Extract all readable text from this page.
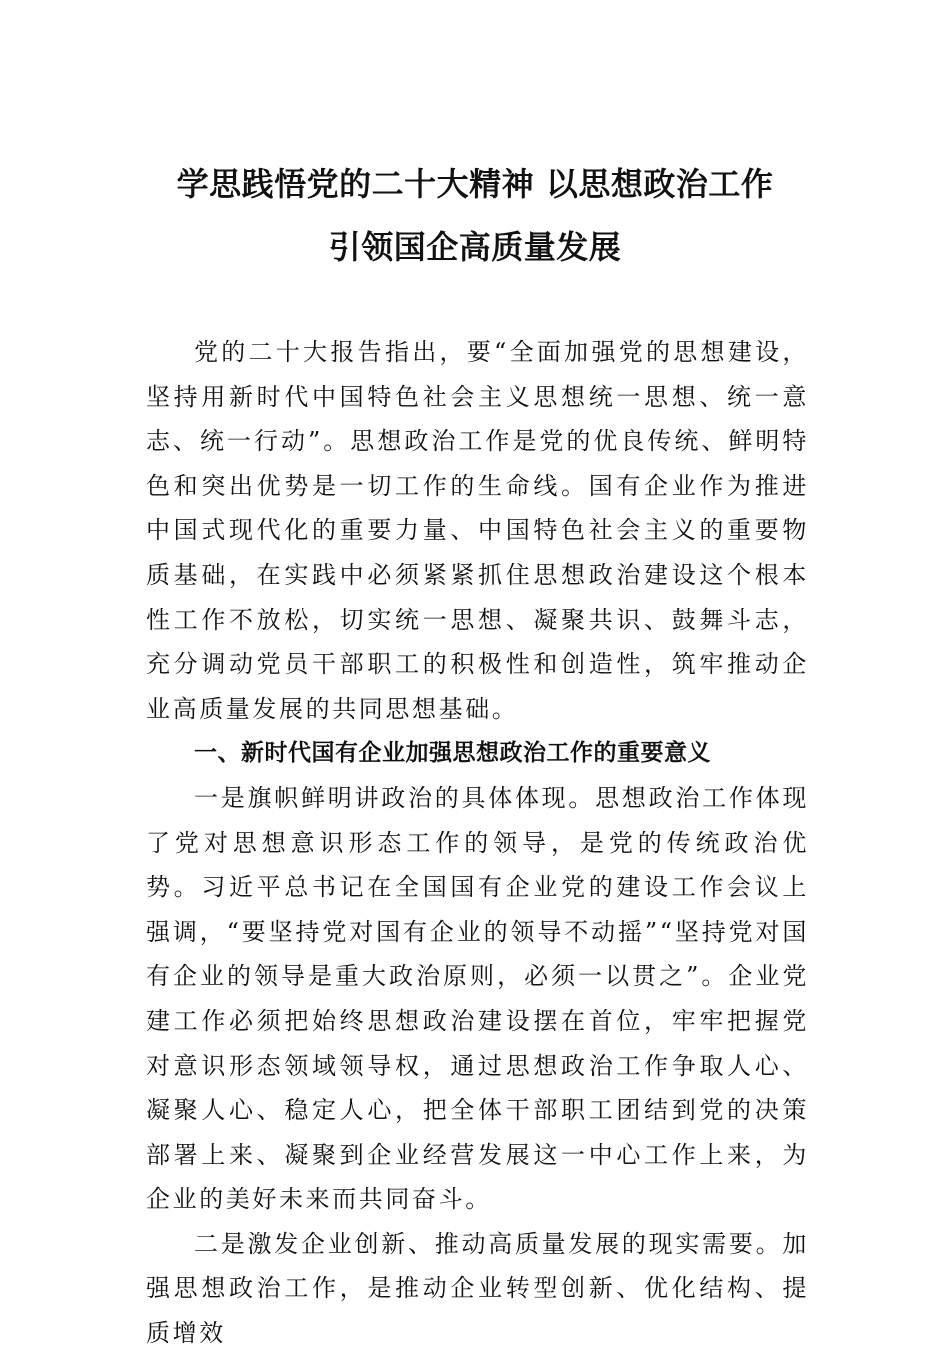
学思践悟党的二十大精神 以思想政治工作
引领国企高质量发展

党的二十大报告指出，要“全面加强党的思想建设，坚持用新时代中国特色社会主义思想统一思想、统一意志、统一行动”。思想政治工作是党的优良传统、鲜明特色和突出优势是一切工作的生命线。国有企业作为推进中国式现代化的重要力量、中国特色社会主义的重要物质基础，在实践中必须紧紧抓住思想政治建设这个根本性工作不放松，切实统一思想、凝聚共识、鼓舞斗志，充分调动党员干部职工的积极性和创造性，筑牢推动企业高质量发展的共同思想基础。

一、新时代国有企业加强思想政治工作的重要意义

一是旗帜鲜明讲政治的具体体现。思想政治工作体现了党对思想意识形态工作的领导，是党的传统政治优势。习近平总书记在全国国有企业党的建设工作会议上强调，“要坚持党对国有企业的领导不动摇”“坚持党对国有企业的领导是重大政治原则，必须一以贯之”。企业党建工作必须把始终思想政治建设摆在首位，牢牢把握党对意识形态领域领导权，通过思想政治工作争取人心、凝聚人心、稳定人心，把全体干部职工团结到党的决策部署上来、凝聚到企业经营发展这一中心工作上来，为企业的美好未来而共同奋斗。

二是激发企业创新、推动高质量发展的现实需要。加强思想政治工作，是推动企业转型创新、优化结构、提质增效
